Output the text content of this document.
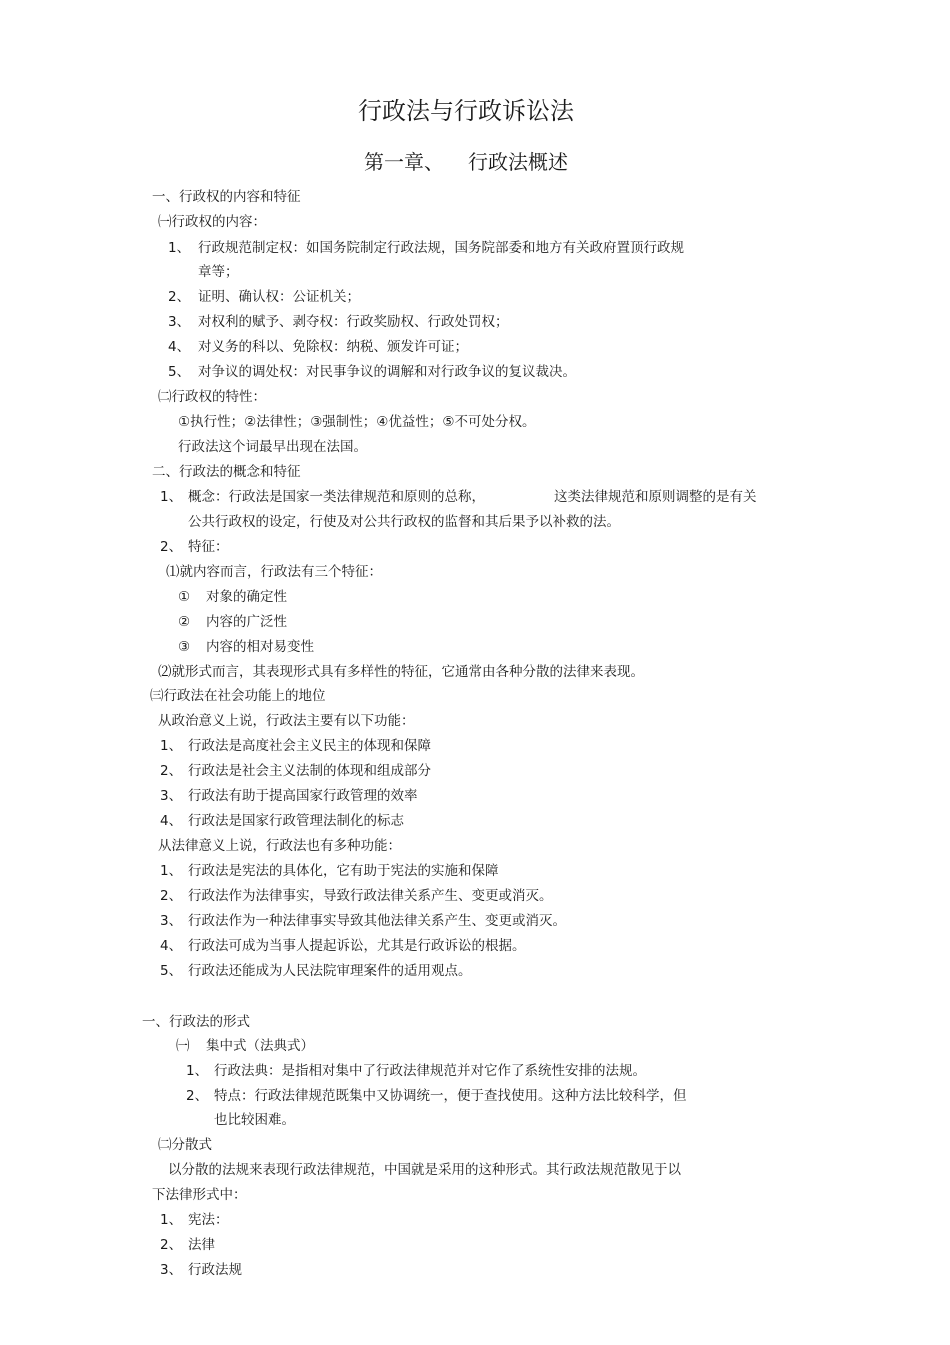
行政法与行政诉讼法
第一章、 行政法概述
一、行政权的内容和特征
㈠行政权的内容：
1、 行政规范制定权：如国务院制定行政法规，国务院部委和地方有关政府置顶行政规
章等；
2、 证明、确认权：公证机关；
3、 对权利的赋予、剥夺权：行政奖励权、行政处罚权；
4、 对义务的科以、免除权：纳税、颁发许可证；
5、 对争议的调处权：对民事争议的调解和对行政争议的复议裁决。
㈡行政权的特性：
①执行性；②法律性；③强制性；④优益性；⑤不可处分权。
行政法这个词最早出现在法国。
二、行政法的概念和特征
1、 概念：行政法是国家一类法律规范和原则的总称，	这类法律规范和原则调整的是有关
公共行政权的设定，行使及对公共行政权的监督和其后果予以补救的法。
2、 特征：
⑴就内容而言，行政法有三个特征：
① 对象的确定性
② 内容的广泛性
③ 内容的相对易变性
⑵就形式而言，其表现形式具有多样性的特征，它通常由各种分散的法律来表现。
㈢行政法在社会功能上的地位
从政治意义上说，行政法主要有以下功能：
1、 行政法是高度社会主义民主的体现和保障
2、 行政法是社会主义法制的体现和组成部分
3、 行政法有助于提高国家行政管理的效率
4、 行政法是国家行政管理法制化的标志
从法律意义上说，行政法也有多种功能：
1、 行政法是宪法的具体化，它有助于宪法的实施和保障
2、 行政法作为法律事实，导致行政法律关系产生、变更或消灭。
3、 行政法作为一种法律事实导致其他法律关系产生、变更或消灭。
4、 行政法可成为当事人提起诉讼，尤其是行政诉讼的根据。
5、 行政法还能成为人民法院审理案件的适用观点。
一、行政法的形式
㈠ 集中式（法典式）
1、 行政法典：是指相对集中了行政法律规范并对它作了系统性安排的法规。
2、 特点：行政法律规范既集中又协调统一，便于查找使用。这种方法比较科学，但
也比较困难。
㈡分散式
以分散的法规来表现行政法律规范，中国就是采用的这种形式。其行政法规范散见于以
下法律形式中：
1、 宪法：
2、 法律
3、 行政法规
